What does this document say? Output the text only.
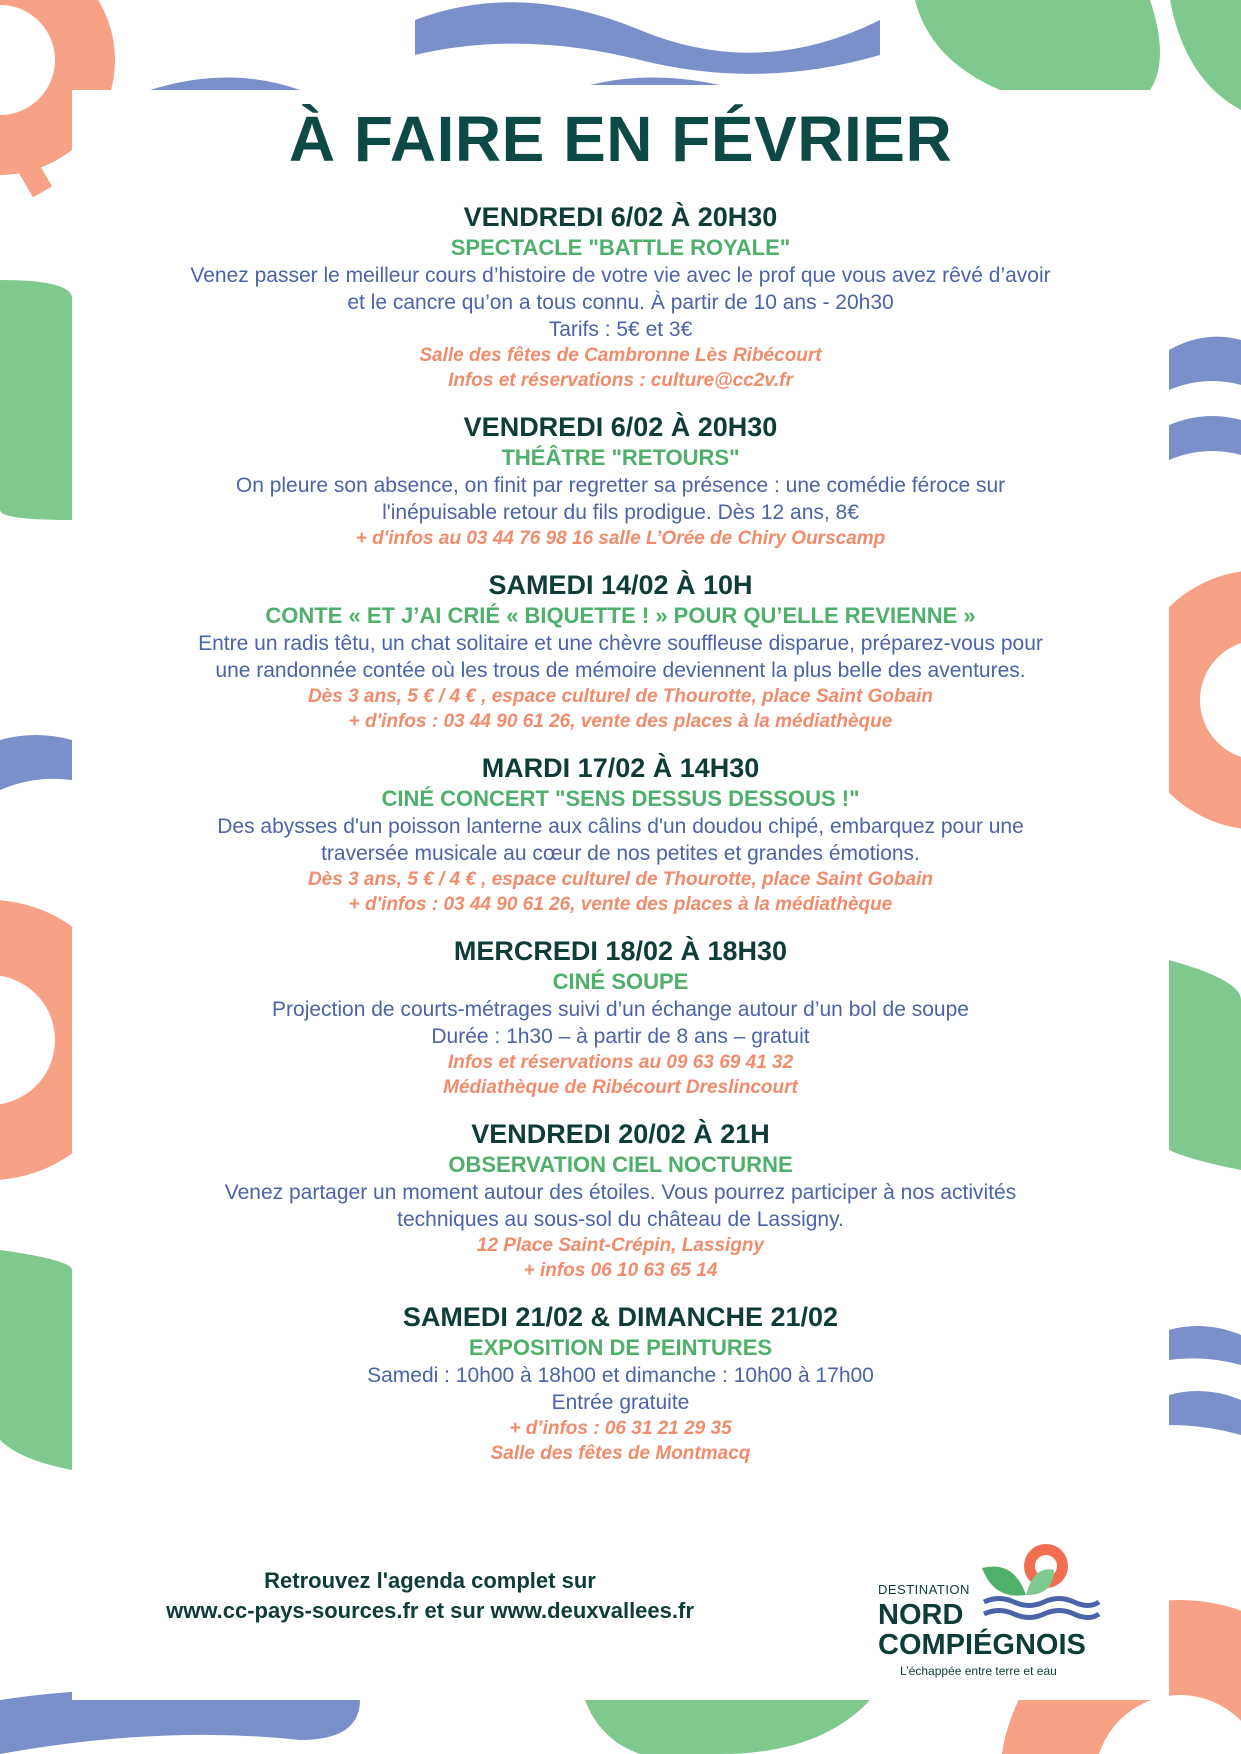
À FAIRE EN FÉVRIER
VENDREDI 6/02 À 20H30
SPECTACLE "BATTLE ROYALE"
Venez passer le meilleur cours d’histoire de votre vie avec le prof que vous avez rêvé d’avoir
et le cancre qu’on a tous connu. À partir de 10 ans - 20h30
Tarifs : 5€ et 3€
Salle des fêtes de Cambronne Lès Ribécourt
Infos et réservations : culture@cc2v.fr
VENDREDI 6/02 À 20H30
THÉÂTRE "RETOURS"
On pleure son absence, on finit par regretter sa présence : une comédie féroce sur
l'inépuisable retour du fils prodigue. Dès 12 ans, 8€
+ d'infos au 03 44 76 98 16 salle L’Orée de Chiry Ourscamp
SAMEDI 14/02 À 10H
CONTE « ET J’AI CRIÉ « BIQUETTE ! » POUR QU’ELLE REVIENNE »
Entre un radis têtu, un chat solitaire et une chèvre souffleuse disparue, préparez-vous pour
une randonnée contée où les trous de mémoire deviennent la plus belle des aventures.
Dès 3 ans, 5 € / 4 € , espace culturel de Thourotte, place Saint Gobain
+ d'infos : 03 44 90 61 26, vente des places à la médiathèque
MARDI 17/02 À 14H30
CINÉ CONCERT "SENS DESSUS DESSOUS !"
Des abysses d'un poisson lanterne aux câlins d'un doudou chipé, embarquez pour une
traversée musicale au cœur de nos petites et grandes émotions.
Dès 3 ans, 5 € / 4 € , espace culturel de Thourotte, place Saint Gobain
+ d'infos : 03 44 90 61 26, vente des places à la médiathèque
MERCREDI 18/02 À 18H30
CINÉ SOUPE
Projection de courts-métrages suivi d’un échange autour d’un bol de soupe
Durée : 1h30 – à partir de 8 ans – gratuit
Infos et réservations au 09 63 69 41 32
Médiathèque de Ribécourt Dreslincourt
VENDREDI 20/02 À 21H
OBSERVATION CIEL NOCTURNE
Venez partager un moment autour des étoiles. Vous pourrez participer à nos activités
techniques au sous-sol du château de Lassigny.
12 Place Saint-Crépin, Lassigny
+ infos 06 10 63 65 14
SAMEDI 21/02 & DIMANCHE 21/02
EXPOSITION DE PEINTURES
Samedi : 10h00 à 18h00 et dimanche : 10h00 à 17h00
Entrée gratuite
+ d’infos : 06 31 21 29 35
Salle des fêtes de Montmacq
Retrouvez l'agenda complet sur
www.cc-pays-sources.fr et sur www.deuxvallees.fr
DESTINATION
NORD
COMPIÉGNOIS
L’échappée entre terre et eau
